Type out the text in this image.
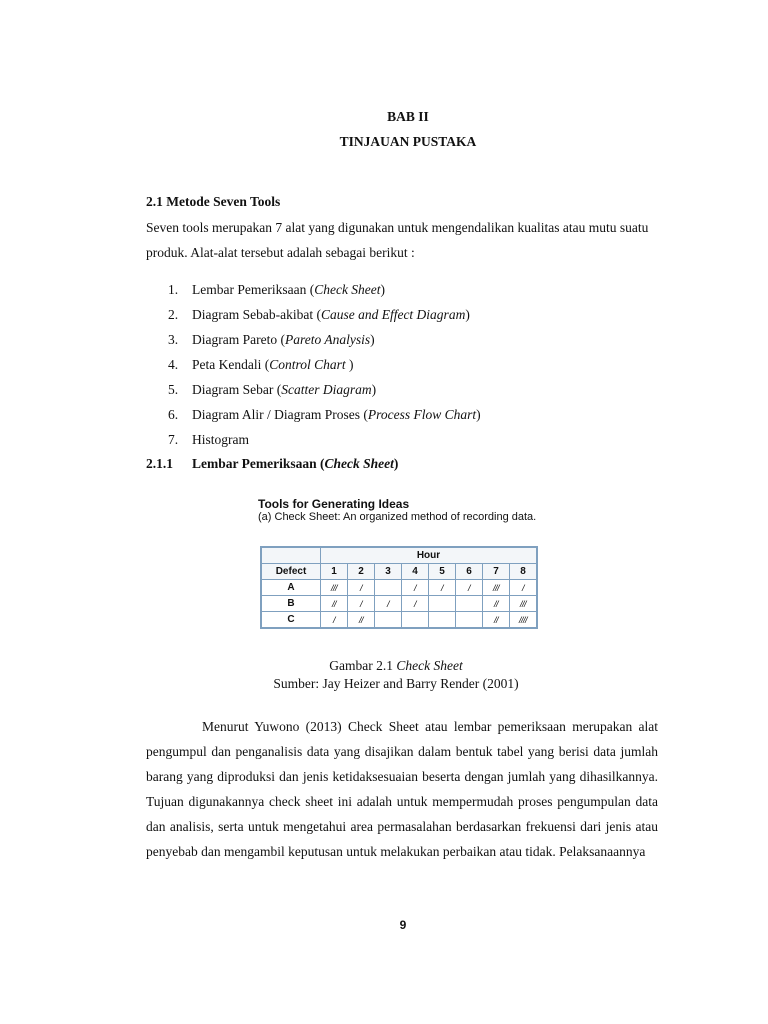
BAB II
TINJAUAN PUSTAKA
2.1 Metode Seven Tools
Seven tools merupakan 7 alat yang digunakan untuk mengendalikan kualitas atau mutu suatu produk. Alat-alat tersebut adalah sebagai berikut :
1. Lembar Pemeriksaan (Check Sheet)
2. Diagram Sebab-akibat (Cause and Effect Diagram)
3. Diagram Pareto (Pareto Analysis)
4. Peta Kendali (Control Chart )
5. Diagram Sebar (Scatter Diagram)
6. Diagram Alir / Diagram Proses (Process Flow Chart)
7. Histogram
2.1.1 Lembar Pemeriksaan (Check Sheet)
Tools for Generating Ideas
(a) Check Sheet: An organized method of recording data.
	Hour							
Defect	1	2	3	4	5	6	7	8
A	///	/		/	/	/	///	/
B	//	/	/	/			//	///
C	/	//					//	////
Gambar 2.1 Check Sheet
Sumber: Jay Heizer and Barry Render (2001)

Menurut Yuwono (2013) Check Sheet atau lembar pemeriksaan merupakan alat pengumpul dan penganalisis data yang disajikan dalam bentuk tabel yang berisi data jumlah barang yang diproduksi dan jenis ketidaksesuaian beserta dengan jumlah yang dihasilkannya. Tujuan digunakannya check sheet ini adalah untuk mempermudah proses pengumpulan data dan analisis, serta untuk mengetahui area permasalahan berdasarkan frekuensi dari jenis atau penyebab dan mengambil keputusan untuk melakukan perbaikan atau tidak. Pelaksanaannya

9
